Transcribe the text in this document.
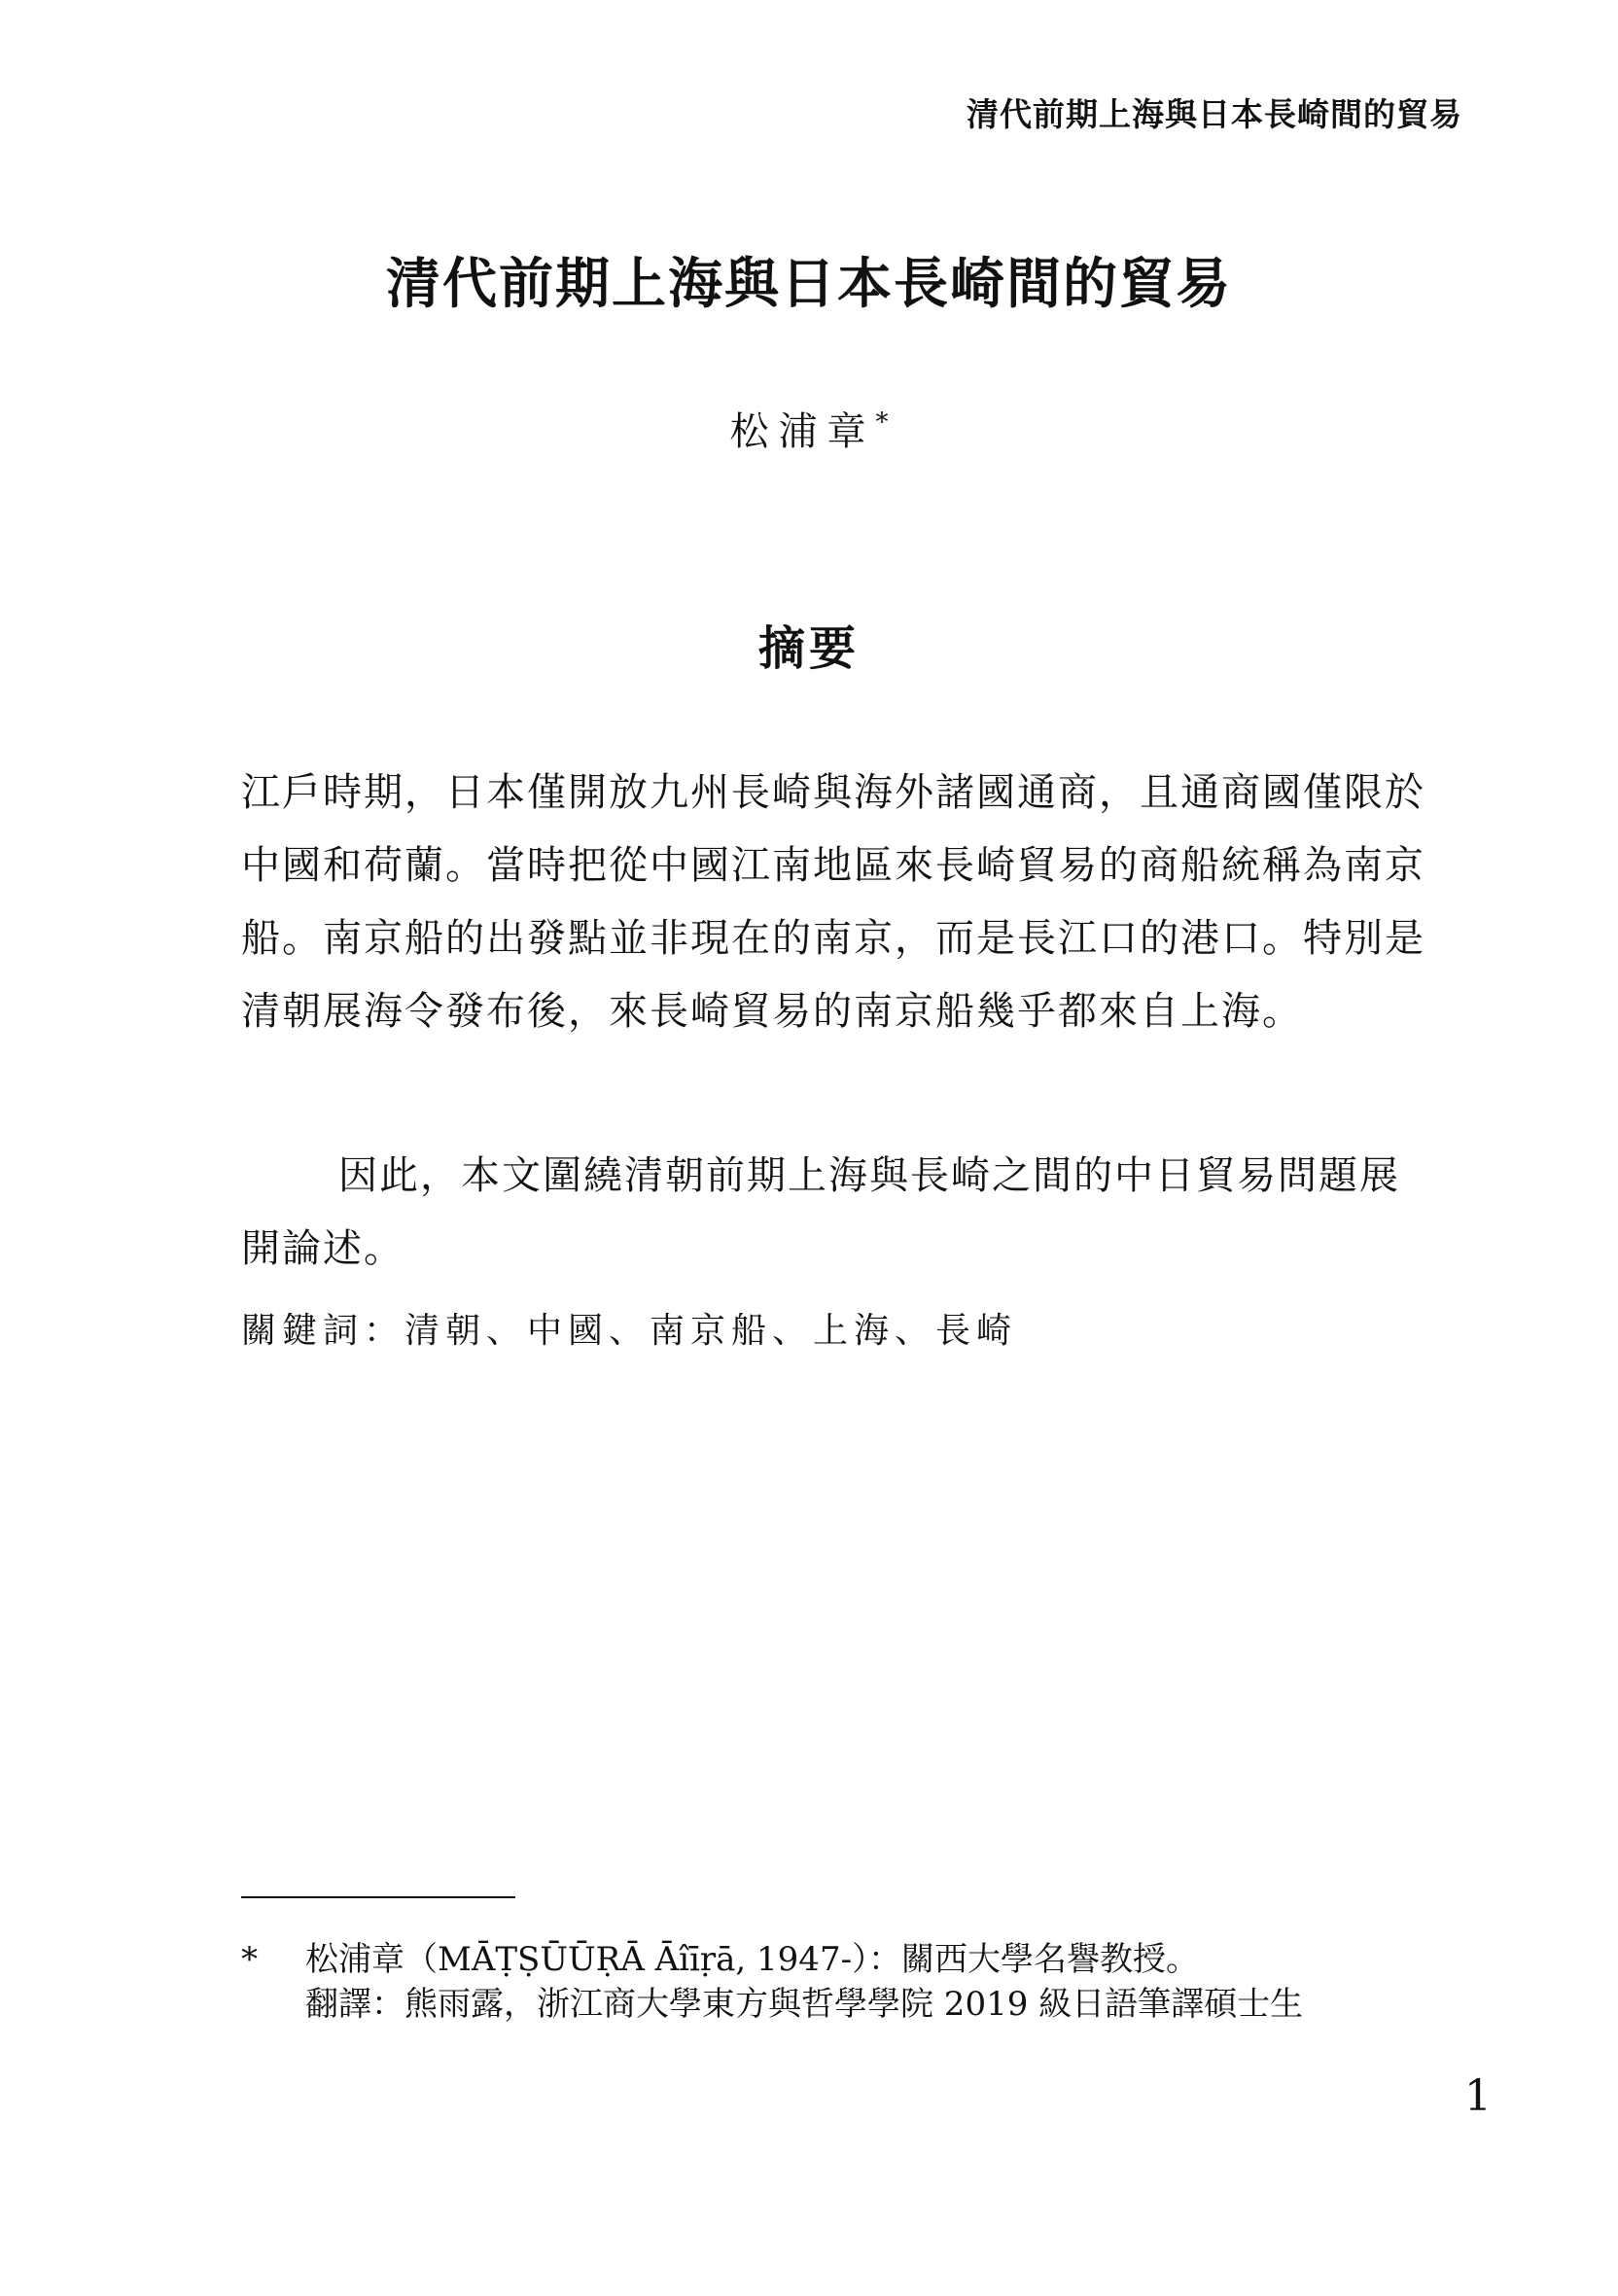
清代前期上海與日本長崎間的貿易
清代前期上海與日本長崎間的貿易
松浦章*
摘要
江戶時期，日本僅開放九州長崎與海外諸國通商，且通商國僅限於中國和荷蘭。當時把從中國江南地區來長崎貿易的商船統稱為南京船。南京船的出發點並非現在的南京，而是長江口的港口。特別是清朝展海令發布後，來長崎貿易的南京船幾乎都來自上海。
因此，本文圍繞清朝前期上海與長崎之間的中日貿易問題展開論述。
關鍵詞：清朝、中國、南京船、上海、長崎
* 松浦章（MĀṬṢŪŪṚĀ Āîīṛā, 1947-）：關西大學名譽教授。
翻譯：熊雨露，浙江商大學東方與哲學學院 2019 級日語筆譯碩士生
1
